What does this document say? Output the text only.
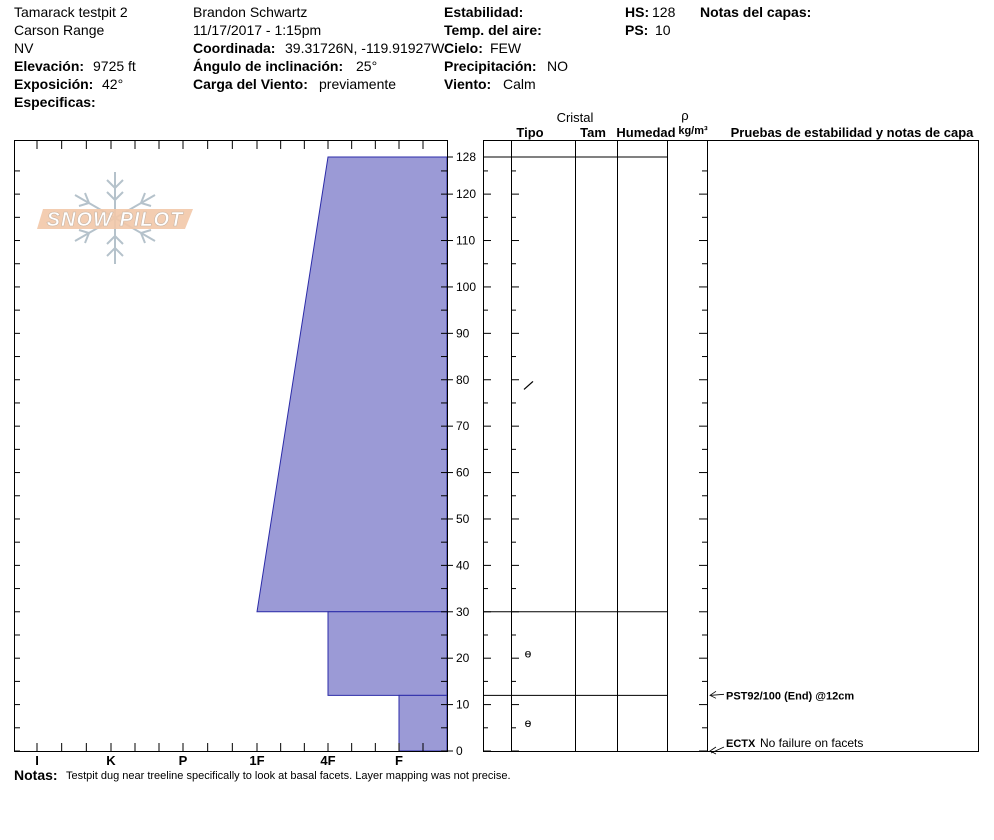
Tamarack testpit 2
Carson Range
NV
Elevación: 9725 ft
Exposición: 42°
Especificas:
Brandon Schwartz
11/17/2017 - 1:15pm
Coordinada: 39.31726N, -119.91927W
Ángulo de inclinación: 25°
Carga del Viento: previamente
Estabilidad:
Temp. del aire:
Cielo: FEW
Precipitación: NO
Viento: Calm
HS: 128
PS: 10
Notas del capas:
I	K	P	1F	4F	F
SNOW PILOT
0
10
20
30
40
50
60
70
80
90
100
110
120
128
ɵ
ɵ
PST92/100 (End) @12cm
ECTX No failure on facets
Cristal
Tipo	Tam Humedad
ρ
kg/m³ Pruebas de estabilidad y notas de capa
Notas: Testpit dug near treeline specifically to look at basal facets. Layer mapping was not precise.
